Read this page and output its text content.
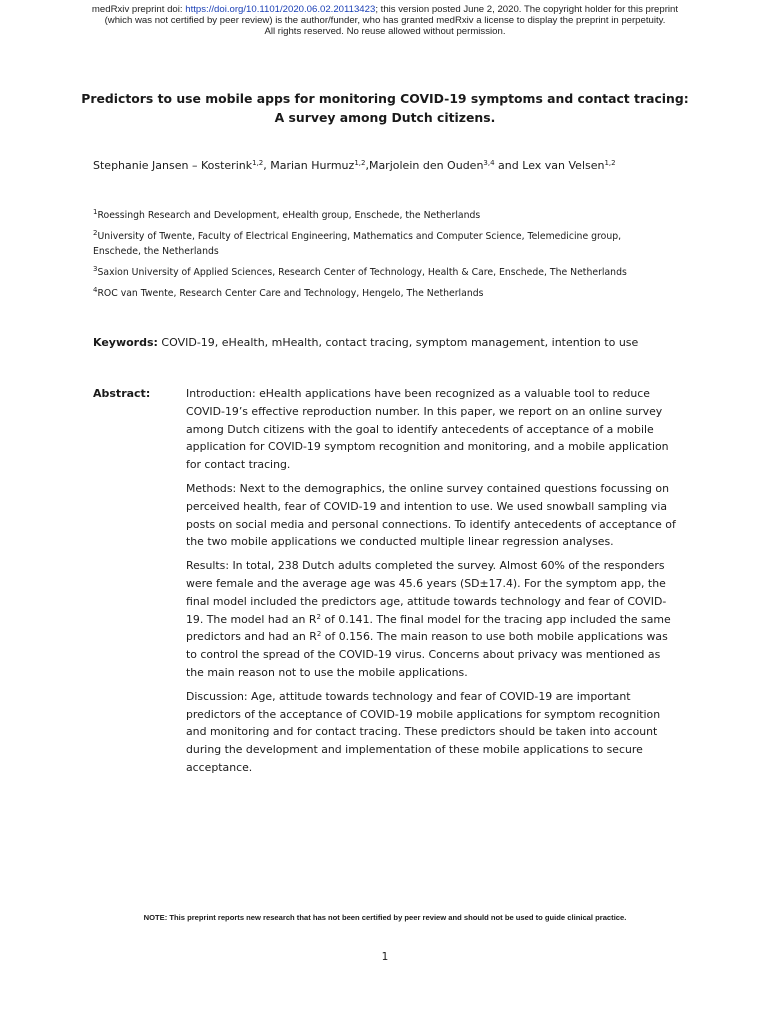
medRxiv preprint doi: https://doi.org/10.1101/2020.06.02.20113423; this version posted June 2, 2020. The copyright holder for this preprint
(which was not certified by peer review) is the author/funder, who has granted medRxiv a license to display the preprint in perpetuity.
All rights reserved. No reuse allowed without permission.
Predictors to use mobile apps for monitoring COVID-19 symptoms and contact tracing: A survey among Dutch citizens.
Stephanie Jansen – Kosterink$^{1,2}$, Marian Hurmuz$^{1,2}$,Marjolein den Ouden$^{3,4}$ and Lex van Velsen$^{1,2}$

$^1$Roessingh Research and Development, eHealth group, Enschede, the Netherlands

$^2$University of Twente, Faculty of Electrical Engineering, Mathematics and Computer Science, Telemedicine group, Enschede, the Netherlands

$^3$Saxion University of Applied Sciences, Research Center of Technology, Health & Care, Enschede, The Netherlands

$^4$ROC van Twente, Research Center Care and Technology, Hengelo, The Netherlands

Keywords: COVID-19, eHealth, mHealth, contact tracing, symptom management, intention to use
Abstract:	Introduction: eHealth applications have been recognized as a valuable tool to reduce COVID-19’s effective reproduction number. In this paper, we report on an online survey among Dutch citizens with the goal to identify antecedents of acceptance of a mobile application for COVID-19 symptom recognition and monitoring, and a mobile application for contact tracing.

Methods: Next to the demographics, the online survey contained questions focussing on perceived health, fear of COVID-19 and intention to use. We used snowball sampling via posts on social media and personal connections. To identify antecedents of acceptance of the two mobile applications we conducted multiple linear regression analyses.

Results: In total, 238 Dutch adults completed the survey. Almost 60% of the responders were female and the average age was 45.6 years (SD±17.4). For the symptom app, the final model included the predictors age, attitude towards technology and fear of COVID-19. The model had an $R^2$ of 0.141. The final model for the tracing app included the same predictors and had an $R^2$ of 0.156. The main reason to use both mobile applications was to control the spread of the COVID-19 virus. Concerns about privacy was mentioned as the main reason not to use the mobile applications.

Discussion: Age, attitude towards technology and fear of COVID-19 are important predictors of the acceptance of COVID-19 mobile applications for symptom recognition and monitoring and for contact tracing. These predictors should be taken into account during the development and implementation of these mobile applications to secure acceptance.

NOTE: This preprint reports new research that has not been certified by peer review and should not be used to guide clinical practice.
1
